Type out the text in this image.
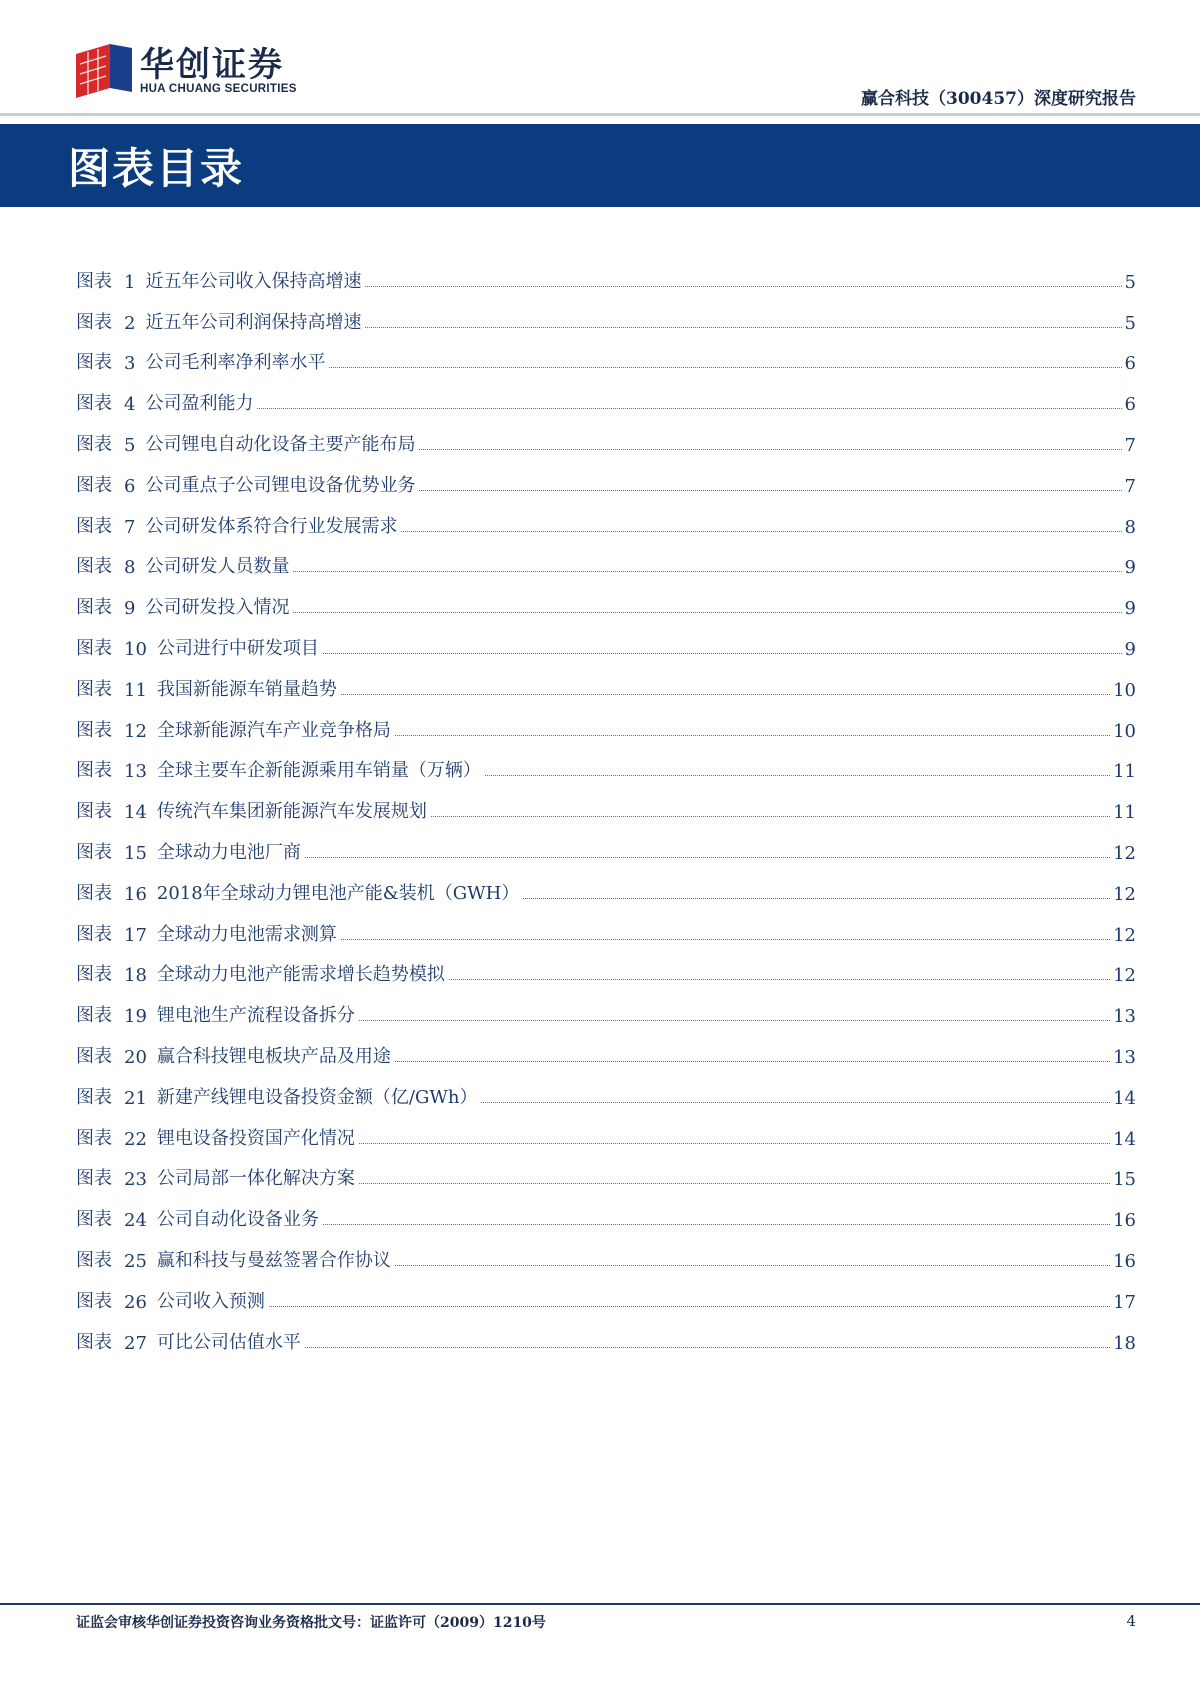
华创证券
HUA CHUANG SECURITIES	赢合科技（300457）深度研究报告
图表目录
图表 1 近五年公司收入保持高增速	5
图表 2 近五年公司利润保持高增速	5
图表 3 公司毛利率净利率水平	6
图表 4 公司盈利能力	6
图表 5 公司锂电自动化设备主要产能布局	7
图表 6 公司重点子公司锂电设备优势业务	7
图表 7 公司研发体系符合行业发展需求	8
图表 8 公司研发人员数量	9
图表 9 公司研发投入情况	9
图表 10 公司进行中研发项目	9
图表 11 我国新能源车销量趋势	10
图表 12 全球新能源汽车产业竞争格局	10
图表 13 全球主要车企新能源乘用车销量（万辆）	11
图表 14 传统汽车集团新能源汽车发展规划	11
图表 15 全球动力电池厂商	12
图表 16 2018年全球动力锂电池产能&装机（GWH）	12
图表 17 全球动力电池需求测算	12
图表 18 全球动力电池产能需求增长趋势模拟	12
图表 19 锂电池生产流程设备拆分	13
图表 20 赢合科技锂电板块产品及用途	13
图表 21 新建产线锂电设备投资金额（亿/GWh）	14
图表 22 锂电设备投资国产化情况	14
图表 23 公司局部一体化解决方案	15
图表 24 公司自动化设备业务	16
图表 25 赢和科技与曼兹签署合作协议	16
图表 26 公司收入预测	17
图表 27 可比公司估值水平	18
证监会审核华创证券投资咨询业务资格批文号：证监许可（2009）1210号	4
